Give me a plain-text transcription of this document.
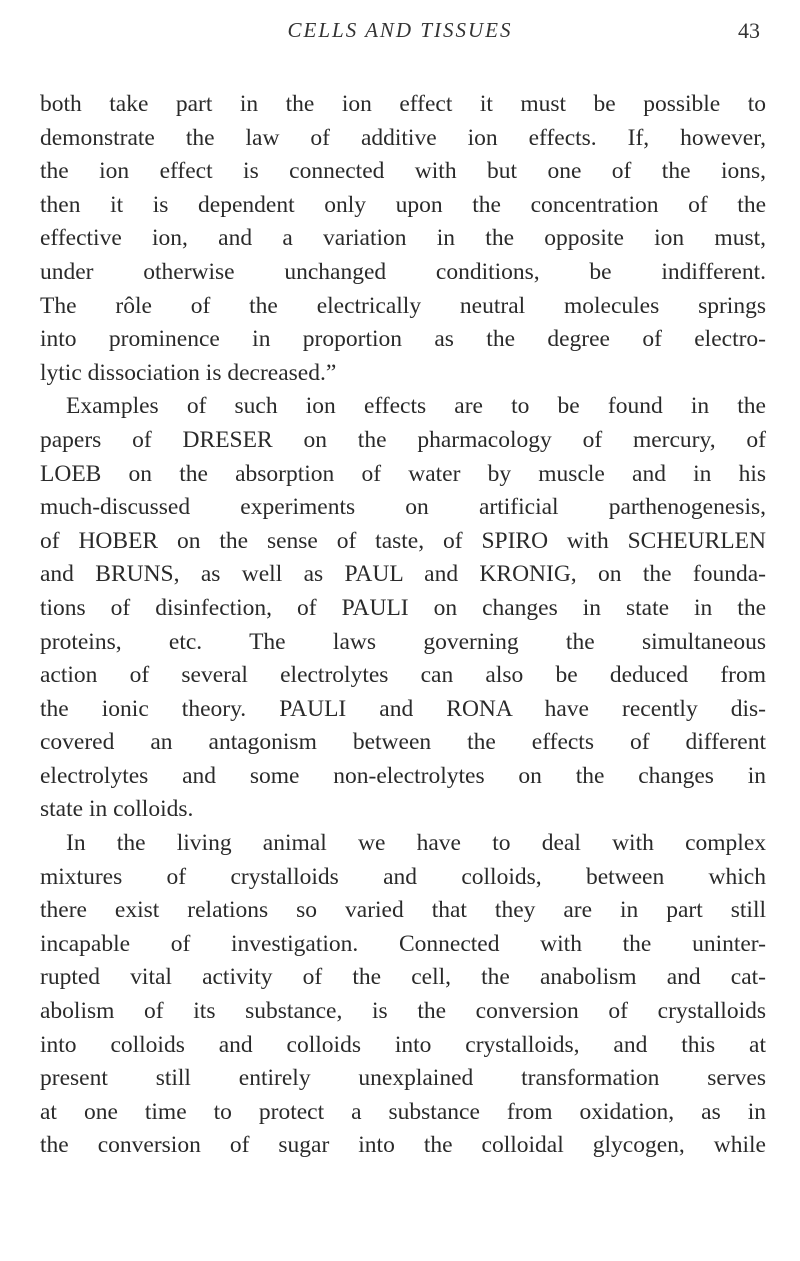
CELLS AND TISSUES	43
both take part in the ion effect it must be possible to
demonstrate the law of additive ion effects. If, however,
the ion effect is connected with but one of the ions,
then it is dependent only upon the concentration of the
effective ion, and a variation in the opposite ion must,
under otherwise unchanged conditions, be indifferent.
The rôle of the electrically neutral molecules springs
into prominence in proportion as the degree of electro-
lytic dissociation is decreased.”
Examples of such ion effects are to be found in the
papers of DRESER on the pharmacology of mercury, of
LOEB on the absorption of water by muscle and in his
much-discussed experiments on artificial parthenogenesis,
of HOBER on the sense of taste, of SPIRO with SCHEURLEN
and BRUNS, as well as PAUL and KRONIG, on the founda-
tions of disinfection, of PAULI on changes in state in the
proteins, etc. The laws governing the simultaneous
action of several electrolytes can also be deduced from
the ionic theory. PAULI and RONA have recently dis-
covered an antagonism between the effects of different
electrolytes and some non-electrolytes on the changes in
state in colloids.
In the living animal we have to deal with complex
mixtures of crystalloids and colloids, between which
there exist relations so varied that they are in part still
incapable of investigation. Connected with the uninter-
rupted vital activity of the cell, the anabolism and cat-
abolism of its substance, is the conversion of crystalloids
into colloids and colloids into crystalloids, and this at
present still entirely unexplained transformation serves
at one time to protect a substance from oxidation, as in
the conversion of sugar into the colloidal glycogen, while
